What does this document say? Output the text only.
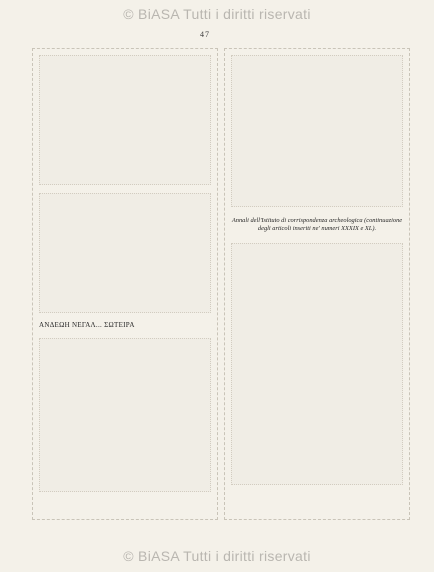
© BiASA Tutti i diritti riservati
47

ΑΝΔΕΩΗ ΝΕΓΑΛ... ΣΩΤΕΙΡΑ

Annali dell'Istituto di corrispondenza archeologica (continuazione degli articoli inseriti ne' numeri XXXIX e XL).

© BiASA Tutti i diritti riservati
